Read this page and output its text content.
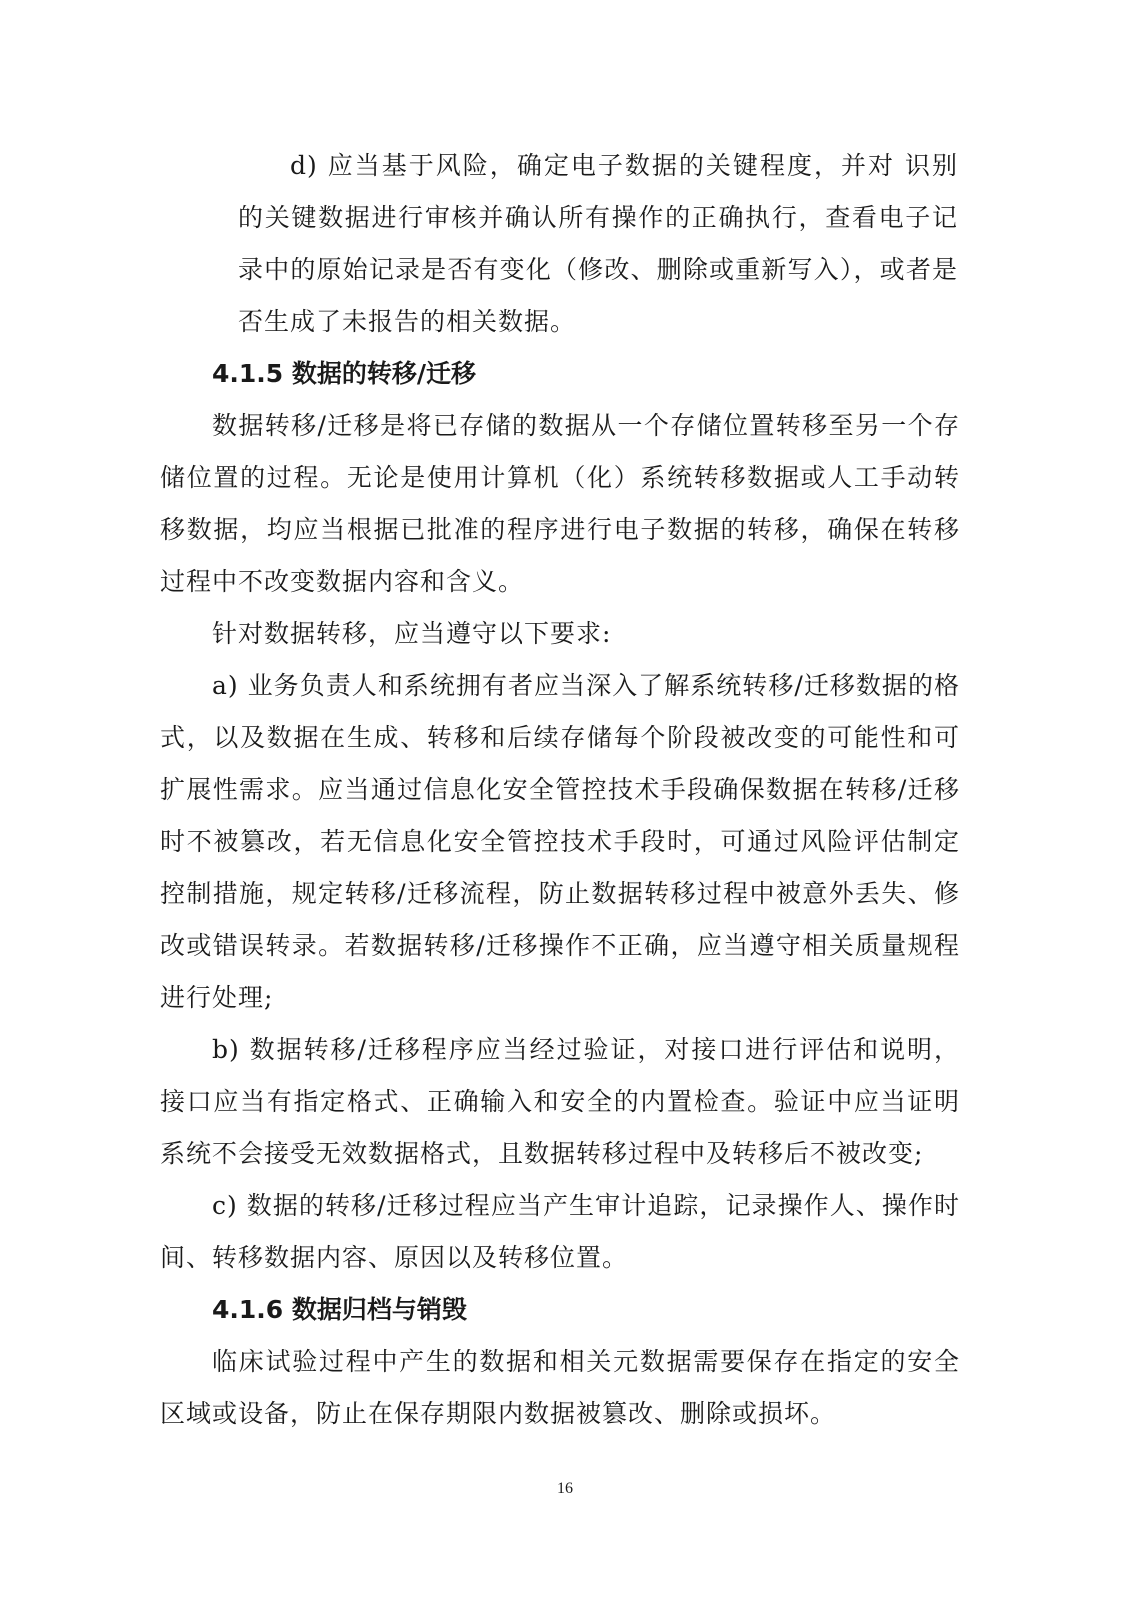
d) 应当基于风险，确定电子数据的关键程度，并对 识别的关键数据进行审核并确认所有操作的正确执行，查看电子记录中的原始记录是否有变化（修改、删除或重新写入），或者是否生成了未报告的相关数据。

4.1.5 数据的转移/迁移

数据转移/迁移是将已存储的数据从一个存储位置转移至另一个存储位置的过程。无论是使用计算机（化）系统转移数据或人工手动转移数据，均应当根据已批准的程序进行电子数据的转移，确保在转移过程中不改变数据内容和含义。

针对数据转移，应当遵守以下要求:

a) 业务负责人和系统拥有者应当深入了解系统转移/迁移数据的格式，以及数据在生成、转移和后续存储每个阶段被改变的可能性和可扩展性需求。应当通过信息化安全管控技术手段确保数据在转移/迁移时不被篡改，若无信息化安全管控技术手段时，可通过风险评估制定控制措施，规定转移/迁移流程，防止数据转移过程中被意外丢失、修改或错误转录。若数据转移/迁移操作不正确，应当遵守相关质量规程进行处理;

b) 数据转移/迁移程序应当经过验证，对接口进行评估和说明，接口应当有指定格式、正确输入和安全的内置检查。验证中应当证明系统不会接受无效数据格式，且数据转移过程中及转移后不被改变;

c) 数据的转移/迁移过程应当产生审计追踪，记录操作人、操作时间、转移数据内容、原因以及转移位置。

4.1.6 数据归档与销毁

临床试验过程中产生的数据和相关元数据需要保存在指定的安全区域或设备，防止在保存期限内数据被篡改、删除或损坏。

16
